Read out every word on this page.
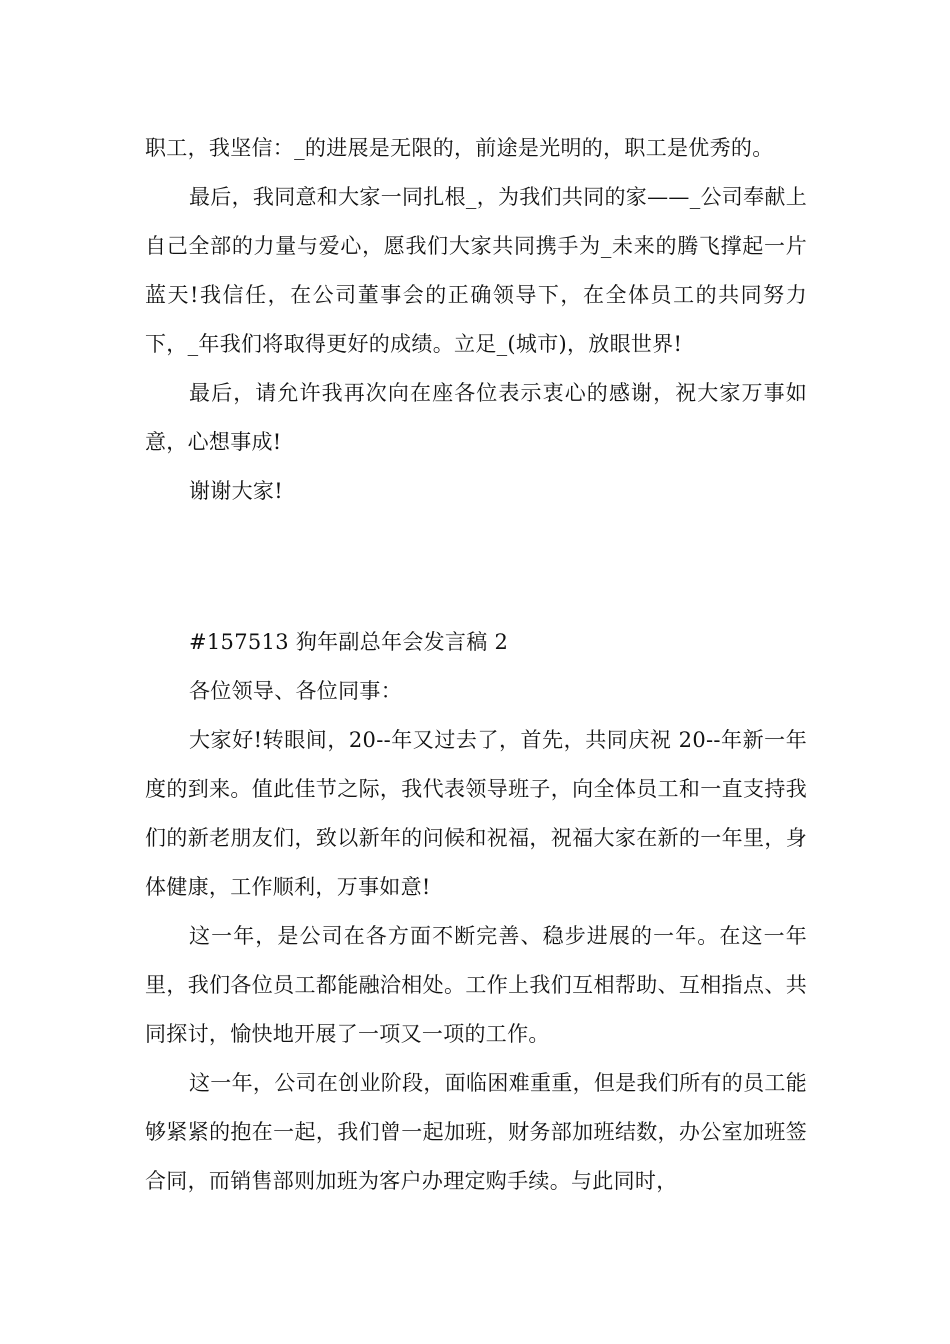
职工，我坚信：_的进展是无限的，前途是光明的，职工是优秀的。

最后，我同意和大家一同扎根_，为我们共同的家——_公司奉献上自己全部的力量与爱心，愿我们大家共同携手为_未来的腾飞撑起一片蓝天!我信任，在公司董事会的正确领导下，在全体员工的共同努力下，_年我们将取得更好的成绩。立足_(城市)，放眼世界!

最后，请允许我再次向在座各位表示衷心的感谢，祝大家万事如意，心想事成!

谢谢大家!

#157513 狗年副总年会发言稿 2

各位领导、各位同事：

大家好!转眼间，20--年又过去了，首先，共同庆祝 20--年新一年度的到来。值此佳节之际，我代表领导班子，向全体员工和一直支持我们的新老朋友们，致以新年的问候和祝福，祝福大家在新的一年里，身体健康，工作顺利，万事如意!

这一年，是公司在各方面不断完善、稳步进展的一年。在这一年里，我们各位员工都能融洽相处。工作上我们互相帮助、互相指点、共同探讨，愉快地开展了一项又一项的工作。

这一年，公司在创业阶段，面临困难重重，但是我们所有的员工能够紧紧的抱在一起，我们曾一起加班，财务部加班结数，办公室加班签合同，而销售部则加班为客户办理定购手续。与此同时，
